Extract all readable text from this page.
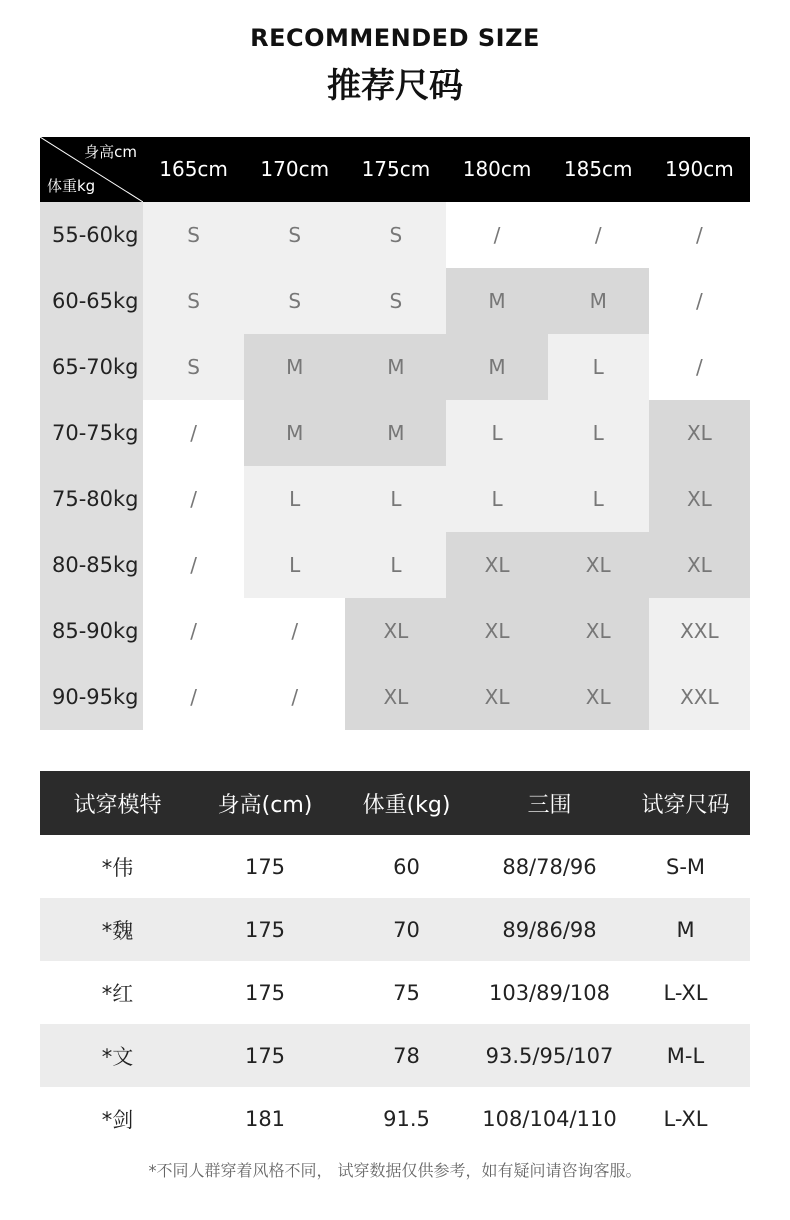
RECOMMENDED SIZE
推荐尺码
身高cm
体重kg
165cm	170cm	175cm	180cm	185cm	190cm
55-60kg	S	S	S	/	/	/
60-65kg	S	S	S	M	M	/
65-70kg	S	M	M	M	L	/
70-75kg	/	M	M	L	L	XL
75-80kg	/	L	L	L	L	XL
80-85kg	/	L	L	XL	XL	XL
85-90kg	/	/	XL	XL	XL	XXL
90-95kg	/	/	XL	XL	XL	XXL
试穿模特	身高(cm)	体重(kg)	三围	试穿尺码
*伟	175	60	88/78/96	S-M
*魏	175	70	89/86/98	M
*红	175	75	103/89/108	L-XL
*文	175	78	93.5/95/107	M-L
*剑	181	91.5	108/104/110	L-XL
*不同人群穿着风格不同， 试穿数据仅供参考，如有疑问请咨询客服。
